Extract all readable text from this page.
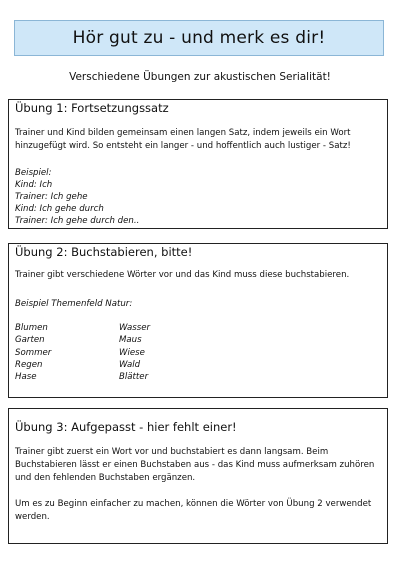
Hör gut zu - und merk es dir!
Verschiedene Übungen zur akustischen Serialität!
Übung 1: Fortsetzungssatz

Trainer und Kind bilden gemeinsam einen langen Satz, indem jeweils ein Wort hinzugefügt wird. So entsteht ein langer - und hoffentlich auch lustiger - Satz!

Beispiel:
Kind: Ich
Trainer: Ich gehe
Kind: Ich gehe durch
Trainer: Ich gehe durch den..
Übung 2: Buchstabieren, bitte!

Trainer gibt verschiedene Wörter vor und das Kind muss diese buchstabieren.

Beispiel Themenfeld Natur:

Blumen	Wasser
Garten	Maus
Sommer	Wiese
Regen	Wald
Hase	Blätter
Übung 3: Aufgepasst - hier fehlt einer!

Trainer gibt zuerst ein Wort vor und buchstabiert es dann langsam. Beim Buchstabieren lässt er einen Buchstaben aus - das Kind muss aufmerksam zuhören und den fehlenden Buchstaben ergänzen.

Um es zu Beginn einfacher zu machen, können die Wörter von Übung 2 verwendet werden.
